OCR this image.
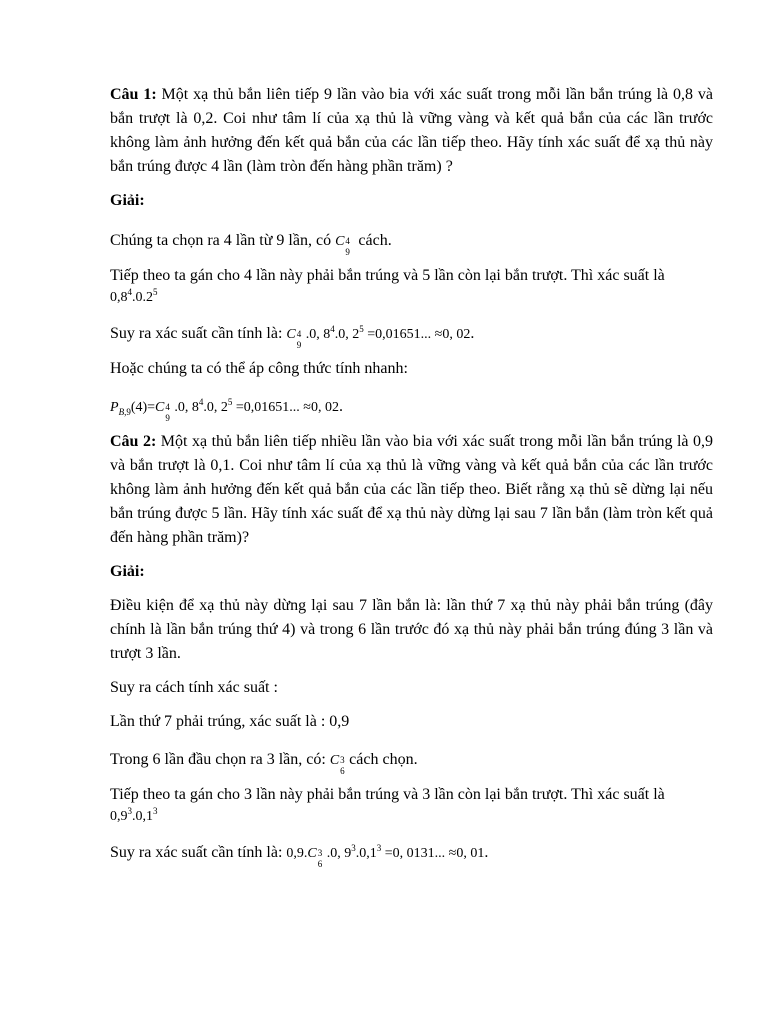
Câu 1: Một xạ thủ bắn liên tiếp 9 lần vào bia với xác suất trong mỗi lần bắn trúng là 0,8 và bắn trượt là 0,2. Coi như tâm lí của xạ thủ là vững vàng và kết quả bắn của các lần trước không làm ảnh hưởng đến kết quả bắn của các lần tiếp theo. Hãy tính xác suất để xạ thủ này bắn trúng được 4 lần (làm tròn đến hàng phần trăm) ?

Giải:

Chúng ta chọn ra 4 lần từ 9 lần, có C 4
9
cách.

Tiếp theo ta gán cho 4 lần này phải bắn trúng và 5 lần còn lại bắn trượt. Thì xác suất là

$0,8^4.0.2^5$

Suy ra xác suất cần tính là: C 4
9
.0, $8^4.0$, $2^5 =0,01651$... ≈0, 02.

Hoặc chúng ta có thể áp công thức tính nhanh:

$P_{B,9}(4)=C$ 4
9
.0, $8^4.0$, $2^5 =0,01651$... ≈0, 02.

Câu 2: Một xạ thủ bắn liên tiếp nhiều lần vào bia với xác suất trong mỗi lần bắn trúng là 0,9 và bắn trượt là 0,1. Coi như tâm lí của xạ thủ là vững vàng và kết quả bắn của các lần trước không làm ảnh hưởng đến kết quả bắn của các lần tiếp theo. Biết rằng xạ thủ sẽ dừng lại nếu bắn trúng được 5 lần. Hãy tính xác suất để xạ thủ này dừng lại sau 7 lần bắn (làm tròn kết quả đến hàng phần trăm)?

Giải:

Điều kiện để xạ thủ này dừng lại sau 7 lần bắn là: lần thứ 7 xạ thủ này phải bắn trúng (đây chính là lần bắn trúng thứ 4) và trong 6 lần trước đó xạ thủ này phải bắn trúng đúng 3 lần và trượt 3 lần.

Suy ra cách tính xác suất :

Lần thứ 7 phải trúng, xác suất là : 0,9

Trong 6 lần đầu chọn ra 3 lần, có: C 3
6
cách chọn.

Tiếp theo ta gán cho 3 lần này phải bắn trúng và 3 lần còn lại bắn trượt. Thì xác suất là

$0,9^3.0,1^3$

Suy ra xác suất cần tính là: 0,9.C 3
6
.0, $9^3.0,1^3 =0$, 0131... ≈0, 01.
